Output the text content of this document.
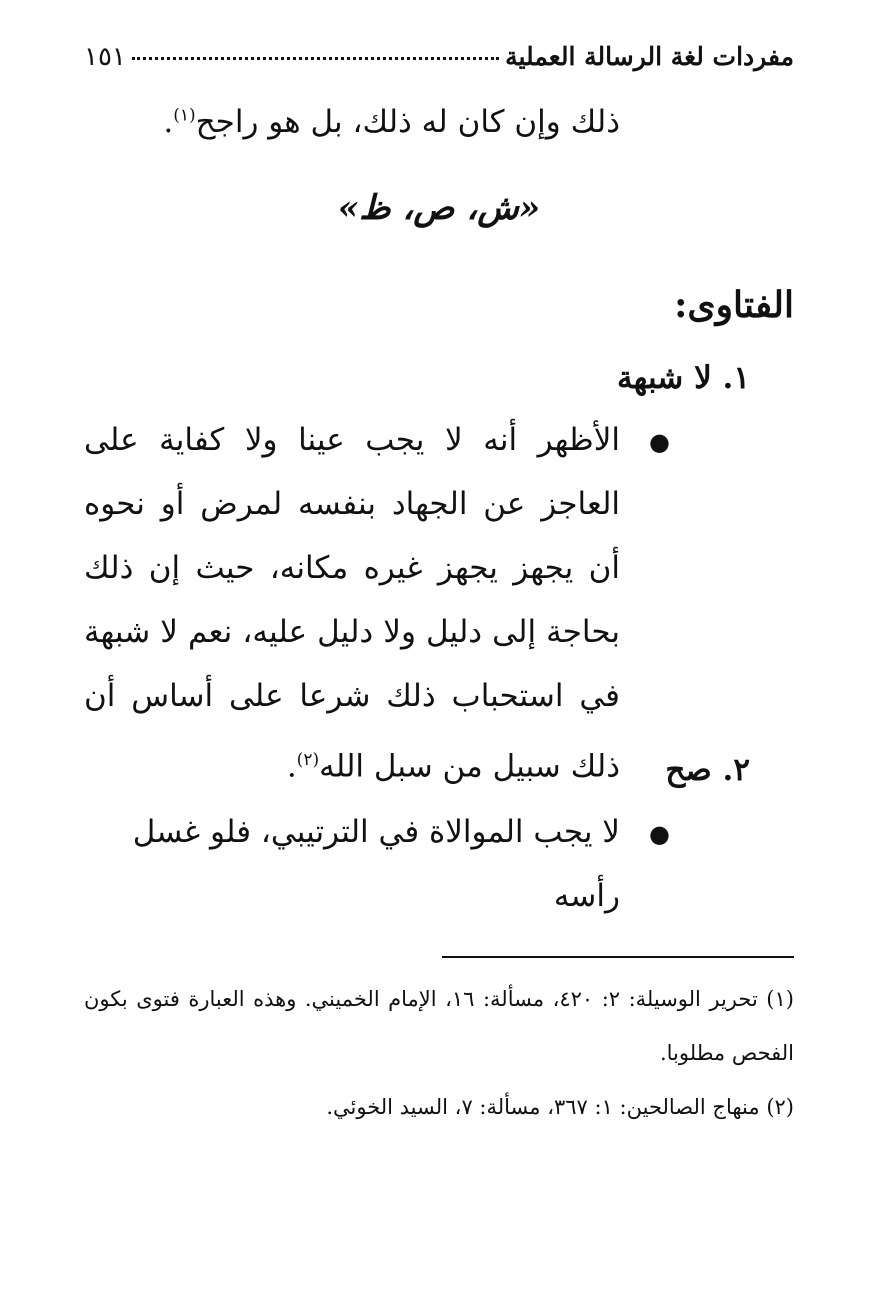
مفردات لغة الرسالة العملية
١٥١
ذلك وإن كان له ذلك، بل هو راجح$^{(١)}$.
«ش، ص، ظ»
الفتاوى:
١. لا شبهة
●
الأظهر أنه لا يجب عينا ولا كفاية على العاجز عن الجهاد بنفسه لمرض أو نحوه أن يجهز يجهز غيره مكانه، حيث إن ذلك بحاجة إلى دليل ولا دليل عليه، نعم لا شبهة في استحباب ذلك شرعا على أساس أن ذلك سبيل من سبل الله$^{(٢)}$.	٢. صح
●
لا يجب الموالاة في الترتيبي، فلو غسل رأسه
(١) تحرير الوسيلة: ٢: ٤٢٠، مسألة: ١٦، الإمام الخميني. وهذه العبارة فتوى بكون الفحص مطلوبا.
(٢) منهاج الصالحين: ١: ٣٦٧، مسألة: ٧، السيد الخوئي.
